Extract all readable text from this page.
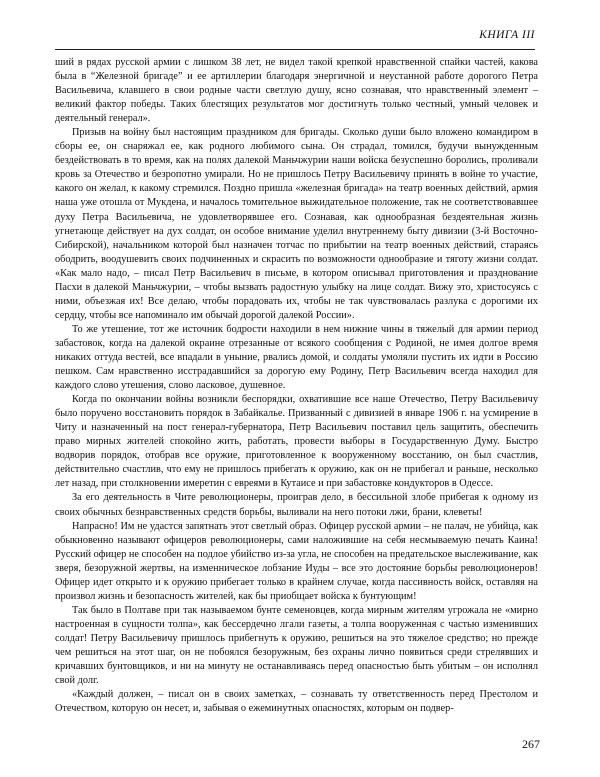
КНИГА III

ший в рядах русской армии с лишком 38 лет, не видел такой крепкой нравственной спайки частей, какова была в “Железной бригаде” и ее артиллерии благодаря энергичной и неустанной работе дорогого Петра Васильевича, клавшего в свои родные части светлую душу, ясно сознавая, что нравственный элемент – великий фактор победы. Таких блестящих результатов мог достигнуть только честный, умный человек и деятельный генерал».

Призыв на войну был настоящим праздником для бригады. Сколько души было вложено командиром в сборы ее, он снаряжал ее, как родного любимого сына. Он страдал, томился, будучи вынужденным бездействовать в то время, как на полях далекой Маньчжурии наши войска безуспешно боролись, проливали кровь за Отечество и безропотно умирали. Но не пришлось Петру Васильевичу принять в войне то участие, какого он желал, к какому стремился. Поздно пришла «железная бригада» на театр военных действий, армия наша уже отошла от Мукдена, и началось томительное выжидательное положение, так не соответствовавшее духу Петра Васильевича, не удовлетворявшее его. Сознавая, как однообразная бездеятельная жизнь угнетающе действует на дух солдат, он особое внимание уделил внутреннему быту дивизии (3-й Восточно-Сибирской), начальником которой был назначен тотчас по прибытии на театр военных действий, стараясь ободрить, воодушевить своих подчиненных и скрасить по возможности однообразие и тяготу жизни солдат. «Как мало надо, – писал Петр Васильевич в письме, в котором описывал приготовления и празднование Пасхи в далекой Маньчжурии, – чтобы вызвать радостную улыбку на лице солдат. Вижу это, христосуясь с ними, объезжая их! Все делаю, чтобы порадовать их, чтобы не так чувствовалась разлука с дорогими их сердцу, чтобы все напоминало им обычай дорогой далекой России».

То же утешение, тот же источник бодрости находили в нем нижние чины в тяжелый для армии период забастовок, когда на далекой окраине отрезанные от всякого сообщения с Родиной, не имея долгое время никаких оттуда вестей, все впадали в уныние, рвались домой, и солдаты умоляли пустить их идти в Россию пешком. Сам нравственно исстрадавшийся за дорогую ему Родину, Петр Васильевич всегда находил для каждого слово утешения, слово ласковое, душевное.

Когда по окончании войны возникли беспорядки, охватившие все наше Отечество, Петру Васильевичу было поручено восстановить порядок в Забайкалье. Призванный с дивизией в январе 1906 г. на усмирение в Читу и назначенный на пост генерал-губернатора, Петр Васильевич поставил цель защитить, обеспечить право мирных жителей спокойно жить, работать, провести выборы в Государственную Думу. Быстро водворив порядок, отобрав все оружие, приготовленное к вооруженному восстанию, он был счастлив, действительно счастлив, что ему не пришлось прибегать к оружию, как он не прибегал и раньше, несколько лет назад, при столкновении имеретин с евреями в Кутаисе и при забастовке кондукторов в Одессе.

За его деятельность в Чите революционеры, проиграв дело, в бессильной злобе прибегая к одному из своих обычных безнравственных средств борьбы, выливали на него потоки лжи, брани, клеветы!

Напрасно! Им не удастся запятнать этот светлый образ. Офицер русской армии – не палач, не убийца, как обыкновенно называют офицеров революционеры, сами наложившие на себя несмываемую печать Каина! Русский офицер не способен на подлое убийство из-за угла, не способен на предательское выслеживание, как зверя, безоружной жертвы, на изменническое лобзание Иуды – все это достояние борьбы революционеров! Офицер идет открыто и к оружию прибегает только в крайнем случае, когда пассивность войск, оставляя на произвол жизнь и безопасность жителей, как бы приобщает войска к бунтующим!

Так было в Полтаве при так называемом бунте семеновцев, когда мирным жителям угрожала не «мирно настроенная в сущности толпа», как бессердечно лгали газеты, а толпа вооруженная с частью изменивших солдат! Петру Васильевичу пришлось прибегнуть к оружию, решиться на это тяжелое средство; но прежде чем решиться на этот шаг, он не побоялся безоружным, без охраны лично появиться среди стрелявших и кричавших бунтовщиков, и ни на минуту не останавливаясь перед опасностью быть убитым – он исполнял свой долг.

«Каждый должен, – писал он в своих заметках, – сознавать ту ответственность перед Престолом и Отечеством, которую он несет, и, забывая о ежеминутных опасностях, которым он подвер-

267
